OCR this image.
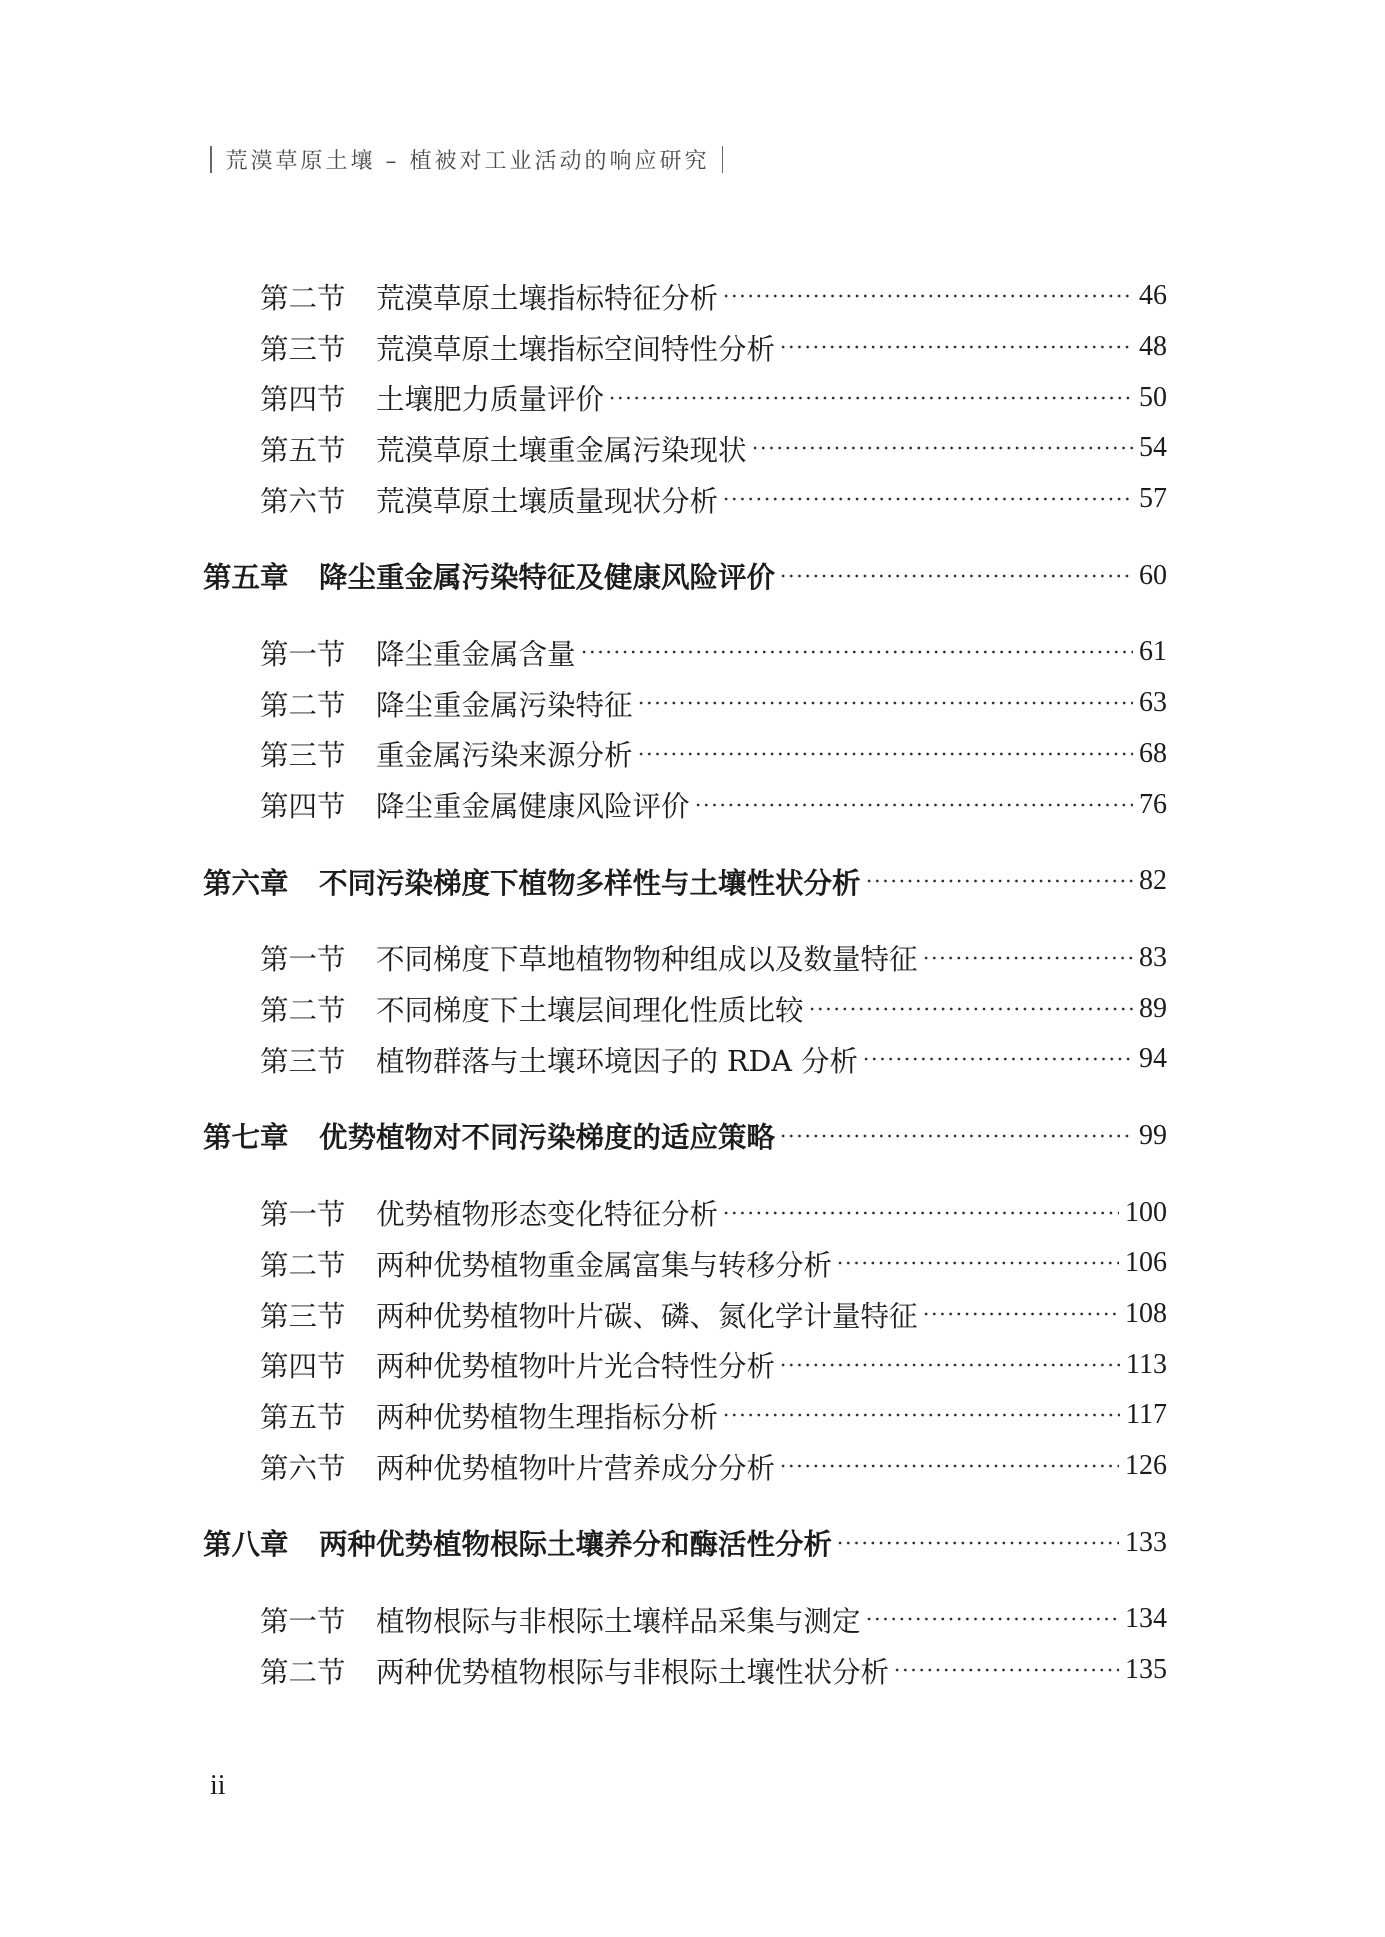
荒漠草原土壤 – 植被对工业活动的响应研究
第二节	荒漠草原土壤指标特征分析	46
第三节	荒漠草原土壤指标空间特性分析	48
第四节	土壤肥力质量评价	50
第五节	荒漠草原土壤重金属污染现状	54
第六节	荒漠草原土壤质量现状分析	57
第五章	降尘重金属污染特征及健康风险评价	60
第一节	降尘重金属含量	61
第二节	降尘重金属污染特征	63
第三节	重金属污染来源分析	68
第四节	降尘重金属健康风险评价	76
第六章	不同污染梯度下植物多样性与土壤性状分析	82
第一节	不同梯度下草地植物物种组成以及数量特征	83
第二节	不同梯度下土壤层间理化性质比较	89
第三节	植物群落与土壤环境因子的 RDA 分析	94
第七章	优势植物对不同污染梯度的适应策略	99
第一节	优势植物形态变化特征分析	100
第二节	两种优势植物重金属富集与转移分析	106
第三节	两种优势植物叶片碳、磷、氮化学计量特征	108
第四节	两种优势植物叶片光合特性分析	113
第五节	两种优势植物生理指标分析	117
第六节	两种优势植物叶片营养成分分析	126
第八章	两种优势植物根际土壤养分和酶活性分析	133
第一节	植物根际与非根际土壤样品采集与测定	134
第二节	两种优势植物根际与非根际土壤性状分析	135
ii
